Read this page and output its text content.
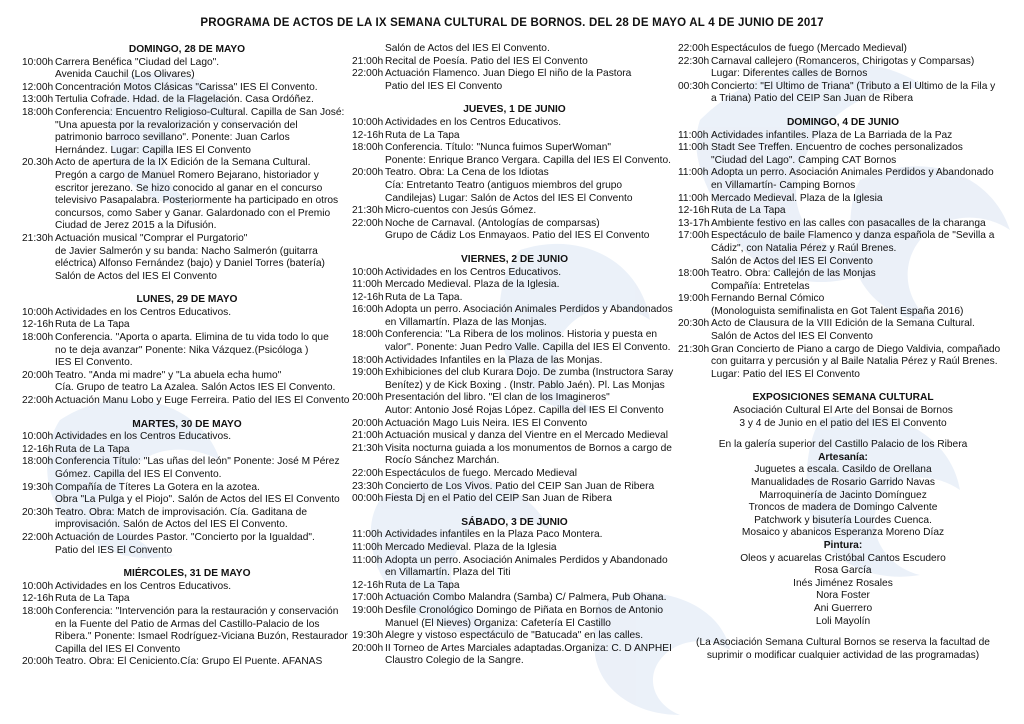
PROGRAMA DE ACTOS DE LA IX SEMANA CULTURAL DE BORNOS. DEL 28 DE MAYO AL 4 DE JUNIO DE 2017
DOMINGO, 28 DE MAYO
10:00h Carrera Benéfica "Ciudad del Lago".
Avenida Cauchil (Los Olivares)
12:00h Concentración Motos Clásicas "Carissa" IES El Convento.
13:00h Tertulia Cofrade. Hdad. de la Flagelación. Casa Ordóñez.
18:00h Conferencia: Encuentro Religioso-Cultural. Capilla de San José:
"Una apuesta por la revalorización y conservación del
patrimonio barroco sevillano". Ponente: Juan Carlos
Hernández. Lugar: Capilla IES El Convento
20.30h Acto de apertura de la IX Edición de la Semana Cultural.
Pregón a cargo de Manuel Romero Bejarano, historiador y
escritor jerezano. Se hizo conocido al ganar en el concurso
televisivo Pasapalabra. Posteriormente ha participado en otros
concursos, como Saber y Ganar. Galardonado con el Premio
Ciudad de Jerez 2015 a la Difusión.
21:30h Actuación musical "Comprar el Purgatorio"
de Javier Salmerón y su banda: Nacho Salmerón (guitarra
eléctrica) Alfonso Fernández (bajo) y Daniel Torres (batería)
Salón de Actos del IES El Convento
LUNES, 29 DE MAYO
10:00h Actividades en los Centros Educativos.
12-16h Ruta de La Tapa
18:00h Conferencia. "Aporta o aparta. Elimina de tu vida todo lo que
no te deja avanzar" Ponente: Nika Vázquez.(Psicóloga )
IES El Convento.
20:00h Teatro. "Anda mi madre" y "La abuela echa humo"
Cía. Grupo de teatro La Azalea. Salón Actos IES El Convento.
22:00h Actuación Manu Lobo y Euge Ferreira. Patio del IES El Convento
MARTES, 30 DE MAYO
10:00h Actividades en los Centros Educativos.
12-16h Ruta de La Tapa
18:00h Conferencia Título: "Las uñas del león" Ponente: José M Pérez
Gómez. Capilla del IES El Convento.
19:30h Compañía de Títeres La Gotera en la azotea.
Obra "La Pulga y el Piojo". Salón de Actos del IES El Convento
20:30h Teatro. Obra: Match de improvisación. Cía. Gaditana de
improvisación. Salón de Actos del IES El Convento.
22:00h Actuación de Lourdes Pastor. "Concierto por la Igualdad".
Patio del IES El Convento
MIÉRCOLES, 31 DE MAYO
10:00h Actividades en los Centros Educativos.
12-16h Ruta de La Tapa
18:00h Conferencia: "Intervención para la restauración y conservación
en la Fuente del Patio de Armas del Castillo-Palacio de los
Ribera." Ponente: Ismael Rodríguez-Viciana Buzón, Restaurador
Capilla del IES El Convento
20:00h Teatro. Obra: El Ceniciento.Cía: Grupo El Puente. AFANAS
Salón de Actos del IES El Convento.
21:00h Recital de Poesía. Patio del IES El Convento
22:00h Actuación Flamenco. Juan Diego El niño de la Pastora
Patio del IES El Convento
JUEVES, 1 DE JUNIO
10:00h Actividades en los Centros Educativos.
12-16h Ruta de La Tapa
18:00h Conferencia. Título: "Nunca fuimos SuperWoman"
Ponente: Enrique Branco Vergara. Capilla del IES El Convento.
20:00h Teatro. Obra: La Cena de los Idiotas
Cía: Entretanto Teatro (antiguos miembros del grupo
Candilejas) Lugar: Salón de Actos del IES El Convento
21:30h Micro-cuentos con Jesús Gómez.
22:00h Noche de Carnaval. (Antologías de comparsas)
Grupo de Cádiz Los Enmayaos. Patio del IES El Convento
VIERNES, 2 DE JUNIO
10:00h Actividades en los Centros Educativos.
11:00h Mercado Medieval. Plaza de la Iglesia.
12-16h Ruta de La Tapa.
16:00h Adopta un perro. Asociación Animales Perdidos y Abandonados
en Villamartín. Plaza de las Monjas.
18:00h Conferencia: "La Ribera de los molinos. Historia y puesta en
valor". Ponente: Juan Pedro Valle. Capilla del IES El Convento.
18:00h Actividades Infantiles en la Plaza de las Monjas.
19:00h Exhibiciones del club Kurara Dojo. De zumba (Instructora Saray
Benítez) y de Kick Boxing . (Instr. Pablo Jaén). Pl. Las Monjas
20:00h Presentación del libro. "El clan de los Imagineros"
Autor: Antonio José Rojas López. Capilla del IES El Convento
20:00h Actuación Mago Luis Neira. IES El Convento
21:00h Actuación musical y danza del Vientre en el Mercado Medieval
21:30h Visita nocturna guiada a los monumentos de Bornos a cargo de
Rocío Sánchez Marchán.
22:00h Espectáculos de fuego. Mercado Medieval
23:30h Concierto de Los Vivos. Patio del CEIP San Juan de Ribera
00:00h Fiesta Dj en el Patio del CEIP San Juan de Ribera
SÁBADO, 3 DE JUNIO
11:00h Actividades infantiles en la Plaza Paco Montera.
11:00h Mercado Medieval. Plaza de la Iglesia
11:00h Adopta un perro. Asociación Animales Perdidos y Abandonado
en Villamartín. Plaza del Titi
12-16h Ruta de La Tapa
17:00h Actuación Combo Malandra (Samba) C/ Palmera, Pub Ohana.
19:00h Desfile Cronológico Domingo de Piñata en Bornos de Antonio
Manuel (El Nieves) Organiza: Cafetería El Castillo
19:30h Alegre y vistoso espectáculo de "Batucada" en las calles.
20:00h II Torneo de Artes Marciales adaptadas.Organiza: C. D ANPHEI
Claustro Colegio de la Sangre.
22:00h Espectáculos de fuego (Mercado Medieval)
22:30h Carnaval callejero (Romanceros, Chirigotas y Comparsas)
Lugar: Diferentes calles de Bornos
00:30h Concierto: "El Último de Triana" (Tributo a El Último de la Fila y
a Triana) Patio del CEIP San Juan de Ribera
DOMINGO, 4 DE JUNIO
11:00h Actividades infantiles. Plaza de La Barriada de la Paz
11:00h Stadt See Treffen. Encuentro de coches personalizados
"Ciudad del Lago". Camping CAT Bornos
11:00h Adopta un perro. Asociación Animales Perdidos y Abandonado
en Villamartín- Camping Bornos
11:00h Mercado Medieval. Plaza de la Iglesia
12-16h Ruta de La Tapa
13-17h Ambiente festivo en las calles con pasacalles de la charanga
17:00h Espectáculo de baile Flamenco y danza española de "Sevilla a
Cádiz", con Natalia Pérez y Raúl Brenes.
Salón de Actos del IES El Convento
18:00h Teatro. Obra: Callejón de las Monjas
Compañía: Entretelas
19:00h Fernando Bernal Cómico
(Monologuista semifinalista en Got Talent España 2016)
20:30h Acto de Clausura de la VIII Edición de la Semana Cultural.
Salón de Actos del IES El Convento
21:30h Gran Concierto de Piano a cargo de Diego Valdivia, compañado
con guitarra y percusión y al Baile Natalia Pérez y Raúl Brenes.
Lugar: Patio del IES El Convento
EXPOSICIONES SEMANA CULTURAL
Asociación Cultural El Arte del Bonsai de Bornos
3 y 4 de Junio en el patio del IES El Convento
En la galería superior del Castillo Palacio de los Ribera
Artesanía:
Juguetes a escala. Casildo de Orellana
Manualidades de Rosario Garrido Navas
Marroquinería de Jacinto Domínguez
Troncos de madera de Domingo Calvente
Patchwork y bisutería Lourdes Cuenca.
Mosaico y abanicos Esperanza Moreno Díaz
Pintura:
Oleos y acuarelas Cristóbal Cantos Escudero
Rosa García
Inés Jiménez Rosales
Nora Foster
Ani Guerrero
Loli Mayolín
(La Asociación Semana Cultural Bornos se reserva la facultad de
suprimir o modificar cualquier actividad de las programadas)
